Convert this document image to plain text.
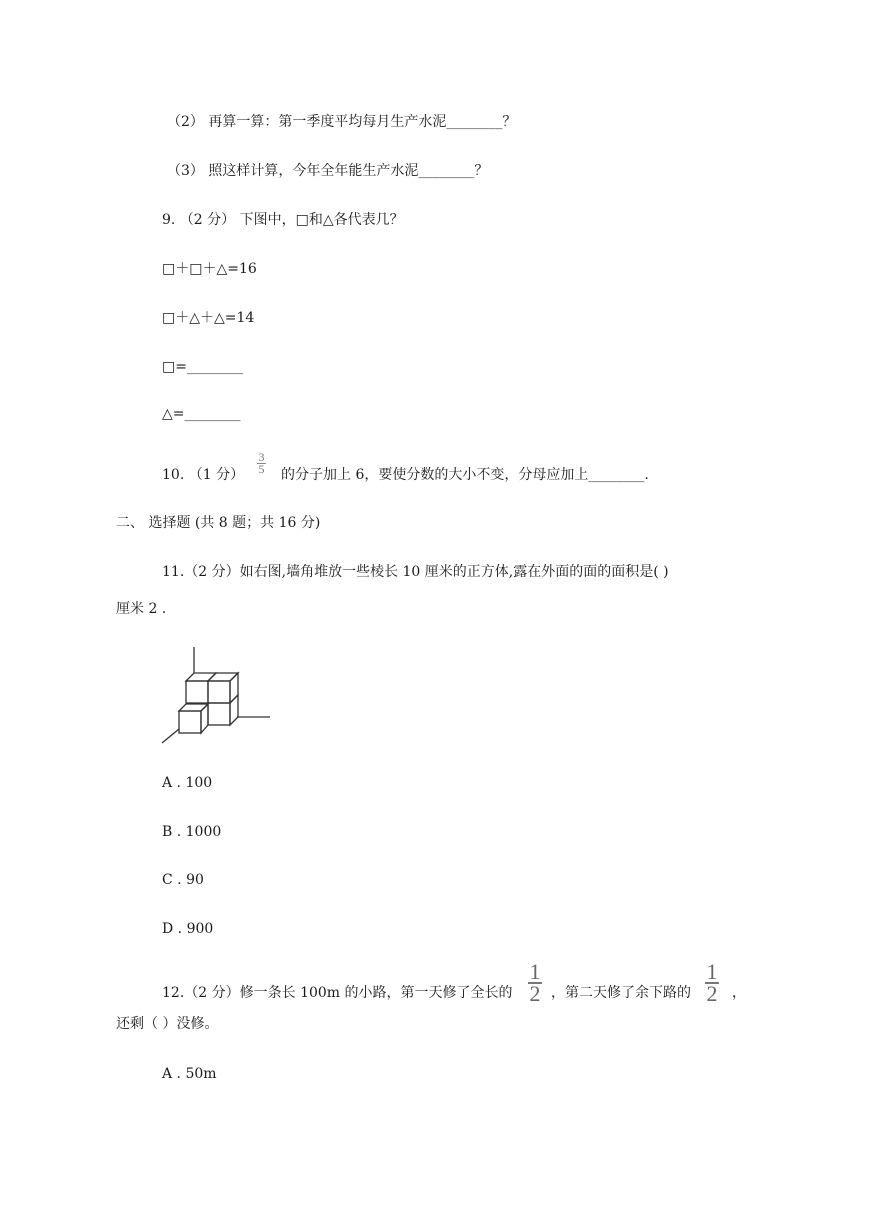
（2） 再算一算：第一季度平均每月生产水泥________？
（3） 照这样计算，今年全年能生产水泥________？
9. （2 分） 下图中，□和△各代表几？
□＋□＋△=16
□＋△＋△=14
□=________
△=________
10. （1 分）
3
5 的分子加上 6，要使分数的大小不变，分母应加上________.
二、 选择题 (共 8 题；共 16 分)
11.（2 分）如右图,墙角堆放一些棱长 10 厘米的正方体,露在外面的面的面积是( )
厘米 2 .
A . 100
B . 1000
C . 90
D . 900
12.（2 分）修一条长 100m 的小路，第一天修了全长的
1
2 ，第二天修了余下路的
1
2 ，
还剩（ ）没修。
A . 50m
